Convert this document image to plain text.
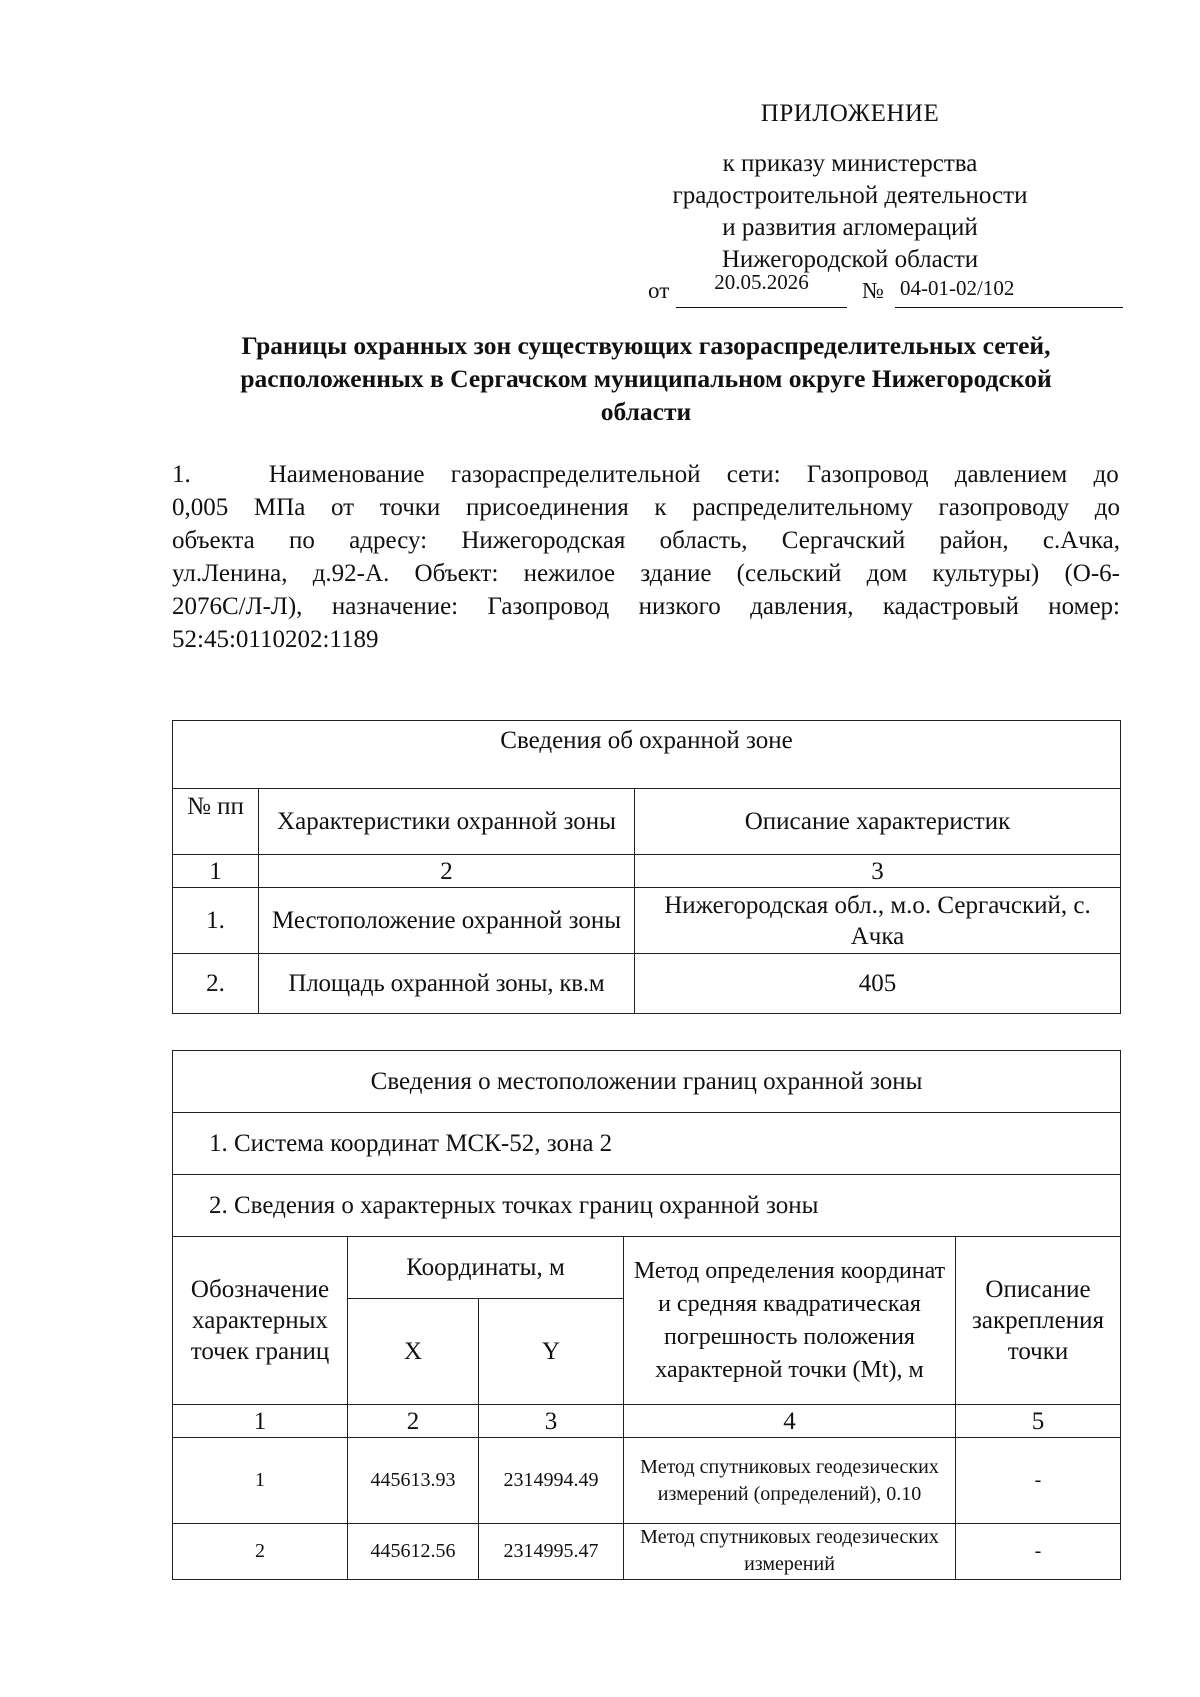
ПРИЛОЖЕНИЕ
к приказу министерства
градостроительной деятельности
и развития агломераций
Нижегородской области
от	20.05.2026	№ 04-01-02/102
Границы охранных зон существующих газораспределительных сетей,
расположенных в Сергачском муниципальном округе Нижегородской
области
1.	Наименование газораспределительной сети: Газопровод давлением до
0,005 МПа от точки присоединения к распределительному газопроводу до
объекта по адресу: Нижегородская область, Сергачский район, с.Ачка,
ул.Ленина, д.92-А. Объект: нежилое здание (сельский дом культуры) (О-6-
2076С/Л-Л), назначение: Газопровод низкого давления, кадастровый номер:
52:45:0110202:1189
Сведения об охранной зоне		
№ пп	Характеристики охранной зоны	Описание характеристик
1	2	3
1.	Местоположение охранной зоны	Нижегородская обл., м.о. Сергачский, с. Ачка
2.	Площадь охранной зоны, кв.м	405
Сведения о местоположении границ охранной зоны				
1. Система координат МСК-52, зона 2				
2. Сведения о характерных точках границ охранной зоны				
Обозначение характерных точек границ	Координаты, м		Метод определения координат и средняя квадратическая погрешность положения характерной точки (Mt), м	Описание закрепления точки
	X	Y		
1	2	3	4	5
1	445613.93	2314994.49	Метод спутниковых геодезических измерений (определений), 0.10	-
2	445612.56	2314995.47	Метод спутниковых геодезических измерений	-
